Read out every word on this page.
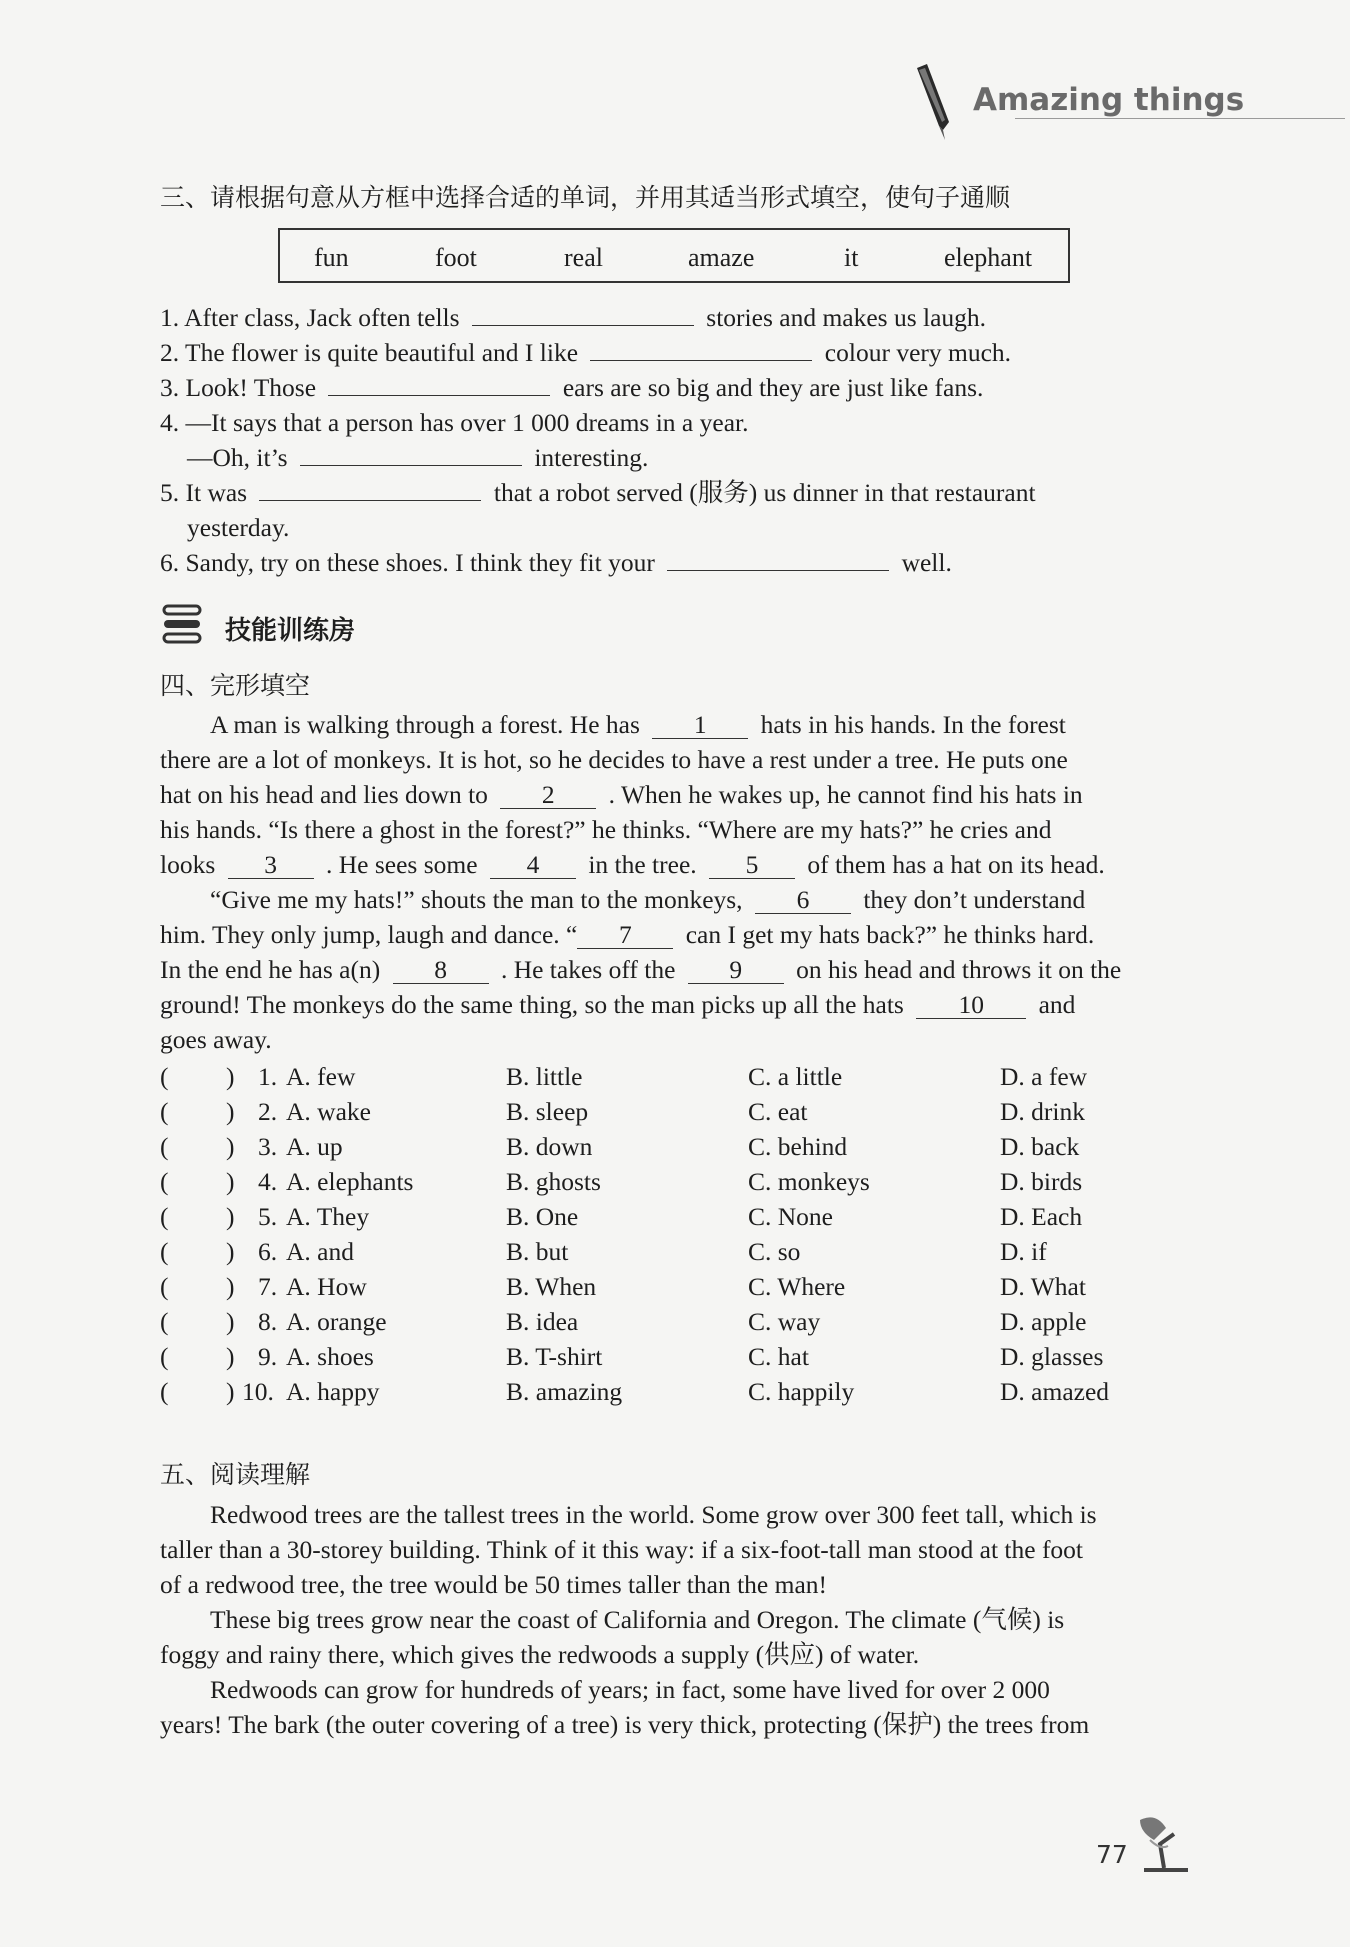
Amazing things
三、请根据句意从方框中选择合适的单词，并用其适当形式填空，使句子通顺
fun	foot	real	amaze	it	elephant
1. After class, Jack often tells	stories and makes us laugh.
2. The flower is quite beautiful and I like	colour very much.
3. Look! Those	ears are so big and they are just like fans.
4. —It says that a person has over 1 000 dreams in a year.
—Oh, it’s	interesting.
5. It was	that a robot served (服务) us dinner in that restaurant
yesterday.
6. Sandy, try on these shoes. I think they fit your	well.
技能训练房
四、完形填空
A man is walking through a forest. He has 1 hats in his hands. In the forest
there are a lot of monkeys. It is hot, so he decides to have a rest under a tree. He puts one
hat on his head and lies down to 2 . When he wakes up, he cannot find his hats in
his hands. “Is there a ghost in the forest?” he thinks. “Where are my hats?” he cries and
looks 3 . He sees some 4 in the tree. 5 of them has a hat on its head.
“Give me my hats!” shouts the man to the monkeys, 6 they don’t understand
him. They only jump, laugh and dance. “ 7 can I get my hats back?” he thinks hard.
In the end he has a(n) 8 . He takes off the 9 on his head and throws it on the
ground! The monkeys do the same thing, so the man picks up all the hats 10 and
goes away.
( ) 1. A. few	B. little	C. a little	D. a few
( ) 2. A. wake	B. sleep	C. eat	D. drink
( ) 3. A. up	B. down	C. behind	D. back
( ) 4. A. elephants	B. ghosts	C. monkeys	D. birds
( ) 5. A. They	B. One	C. None	D. Each
( ) 6. A. and	B. but	C. so	D. if
( ) 7. A. How	B. When	C. Where	D. What
( ) 8. A. orange	B. idea	C. way	D. apple
( ) 9. A. shoes	B. T-shirt	C. hat	D. glasses
( ) 10. A. happy	B. amazing	C. happily	D. amazed
五、阅读理解
Redwood trees are the tallest trees in the world. Some grow over 300 feet tall, which is
taller than a 30-storey building. Think of it this way: if a six-foot-tall man stood at the foot
of a redwood tree, the tree would be 50 times taller than the man!
These big trees grow near the coast of California and Oregon. The climate (气候) is
foggy and rainy there, which gives the redwoods a supply (供应) of water.
Redwoods can grow for hundreds of years; in fact, some have lived for over 2 000
years! The bark (the outer covering of a tree) is very thick, protecting (保护) the trees from
77
